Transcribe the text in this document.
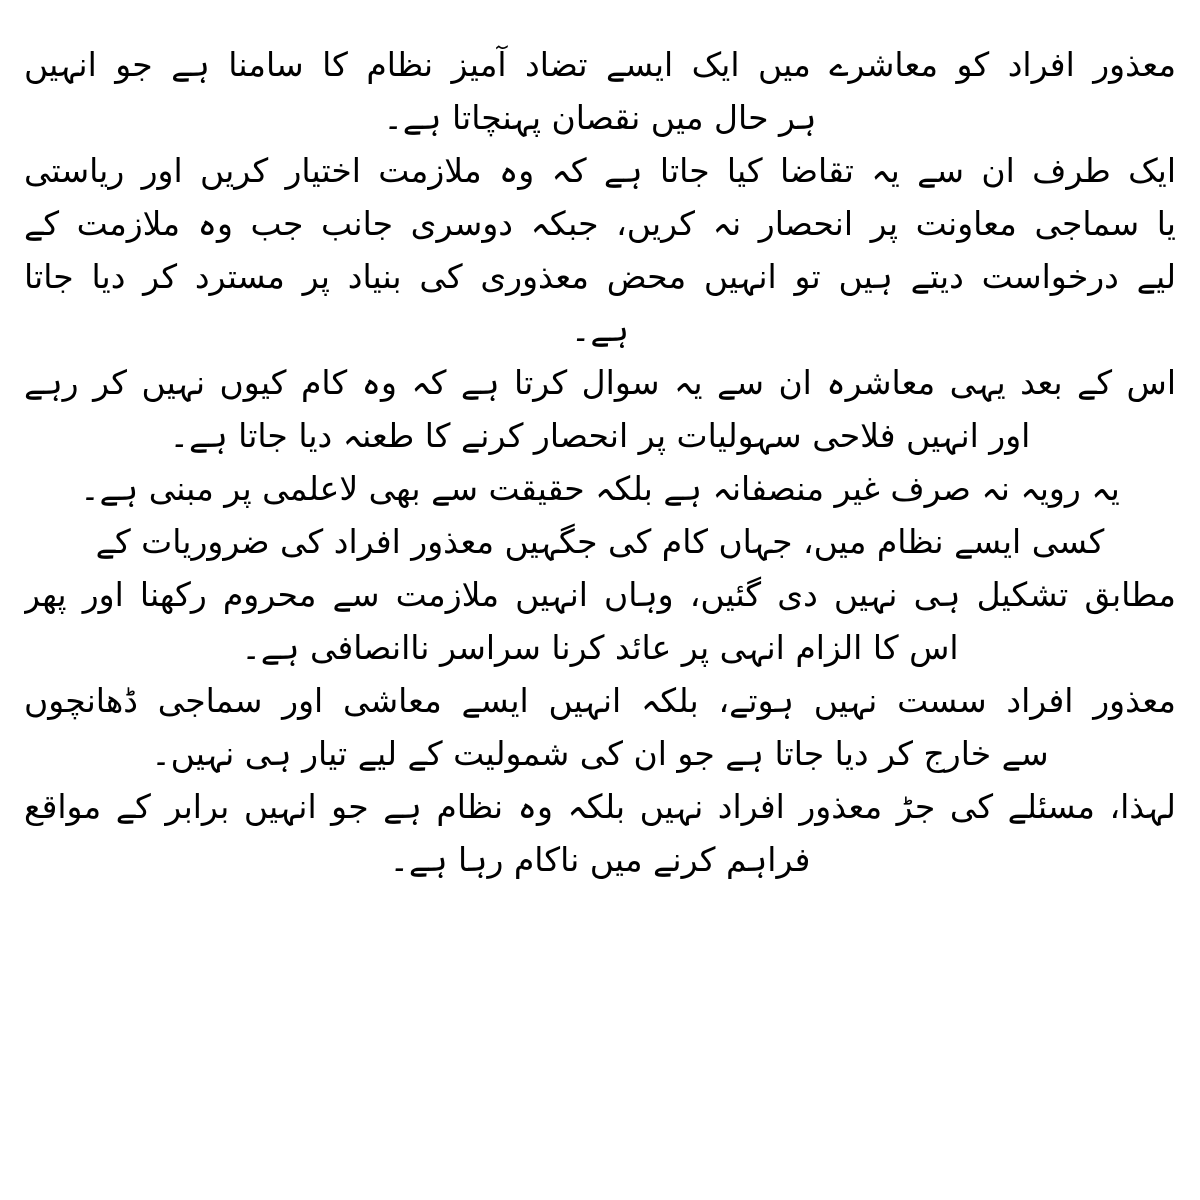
معذور افراد کو معاشرے میں ایک ایسے تضاد آمیز نظام کا سامنا ہے جو انہیں
ہر حال میں نقصان پہنچاتا ہے۔
ایک طرف ان سے یہ تقاضا کیا جاتا ہے کہ وہ ملازمت اختیار کریں اور ریاستی
یا سماجی معاونت پر انحصار نہ کریں، جبکہ دوسری جانب جب وہ ملازمت کے
لیے درخواست دیتے ہیں تو انہیں محض معذوری کی بنیاد پر مسترد کر دیا جاتا
ہے۔
اس کے بعد یہی معاشرہ ان سے یہ سوال کرتا ہے کہ وہ کام کیوں نہیں کر رہے
اور انہیں فلاحی سہولیات پر انحصار کرنے کا طعنہ دیا جاتا ہے۔
یہ رویہ نہ صرف غیر منصفانہ ہے بلکہ حقیقت سے بھی لاعلمی پر مبنی ہے۔
کسی ایسے نظام میں، جہاں کام کی جگہیں معذور افراد کی ضروریات کے
مطابق تشکیل ہی نہیں دی گئیں، وہاں انہیں ملازمت سے محروم رکھنا اور پھر
اس کا الزام انہی پر عائد کرنا سراسر ناانصافی ہے۔
معذور افراد سست نہیں ہوتے، بلکہ انہیں ایسے معاشی اور سماجی ڈھانچوں
سے خارج کر دیا جاتا ہے جو ان کی شمولیت کے لیے تیار ہی نہیں۔
لہذا، مسئلے کی جڑ معذور افراد نہیں بلکہ وہ نظام ہے جو انہیں برابر کے مواقع
فراہم کرنے میں ناکام رہا ہے۔
